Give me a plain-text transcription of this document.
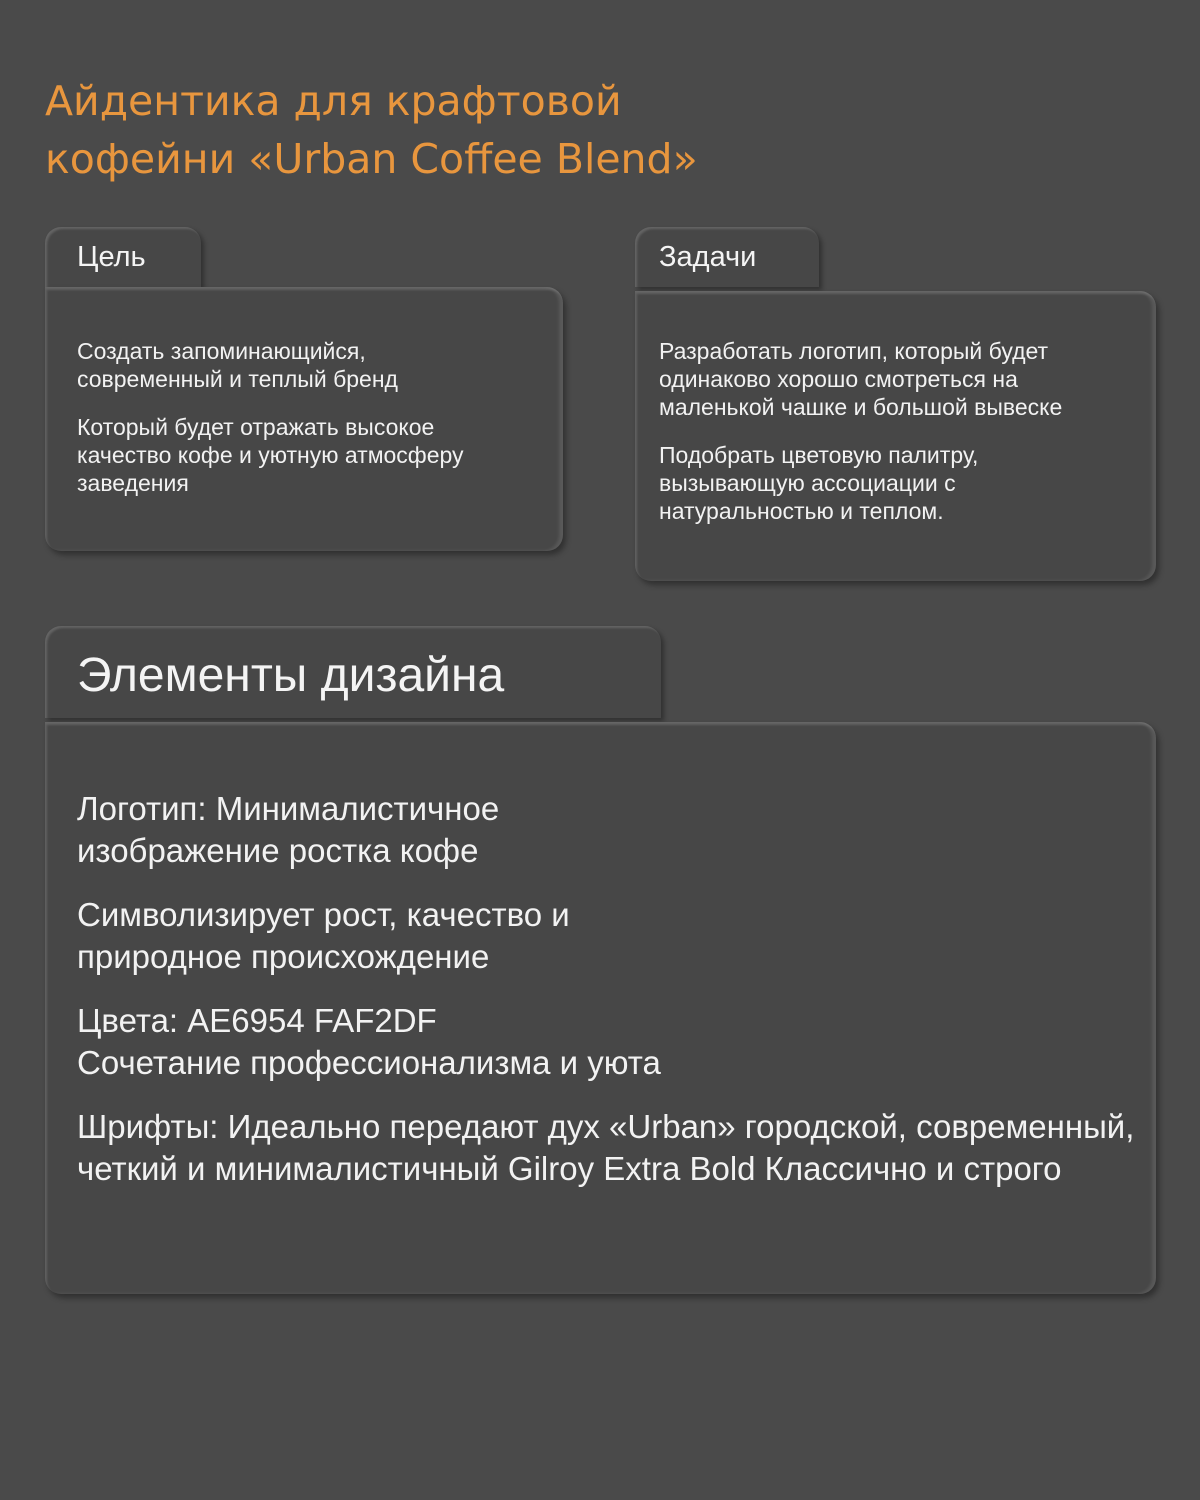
Айдентика для крафтовой
кофейни «Urban Coffee Blend»
Цель

Создать запоминающийся, современный и теплый бренд

Который будет отражать высокое качество кофе и уютную атмосферу заведения

Задачи

Разработать логотип, который будет одинаково хорошо смотреться на маленькой чашке и большой вывеске

Подобрать цветовую палитру, вызывающую ассоциации с натуральностью и теплом.

Элементы дизайна

Логотип: Минималистичное изображение ростка кофе

Символизирует рост, качество и природное происхождение

Цвета: AE6954 FAF2DF

Сочетание профессионализма и уюта

Шрифты: Идеально передают дух «Urban» городской, современный, четкий и минималистичный Gilroy Extra Bold Классично и строго
